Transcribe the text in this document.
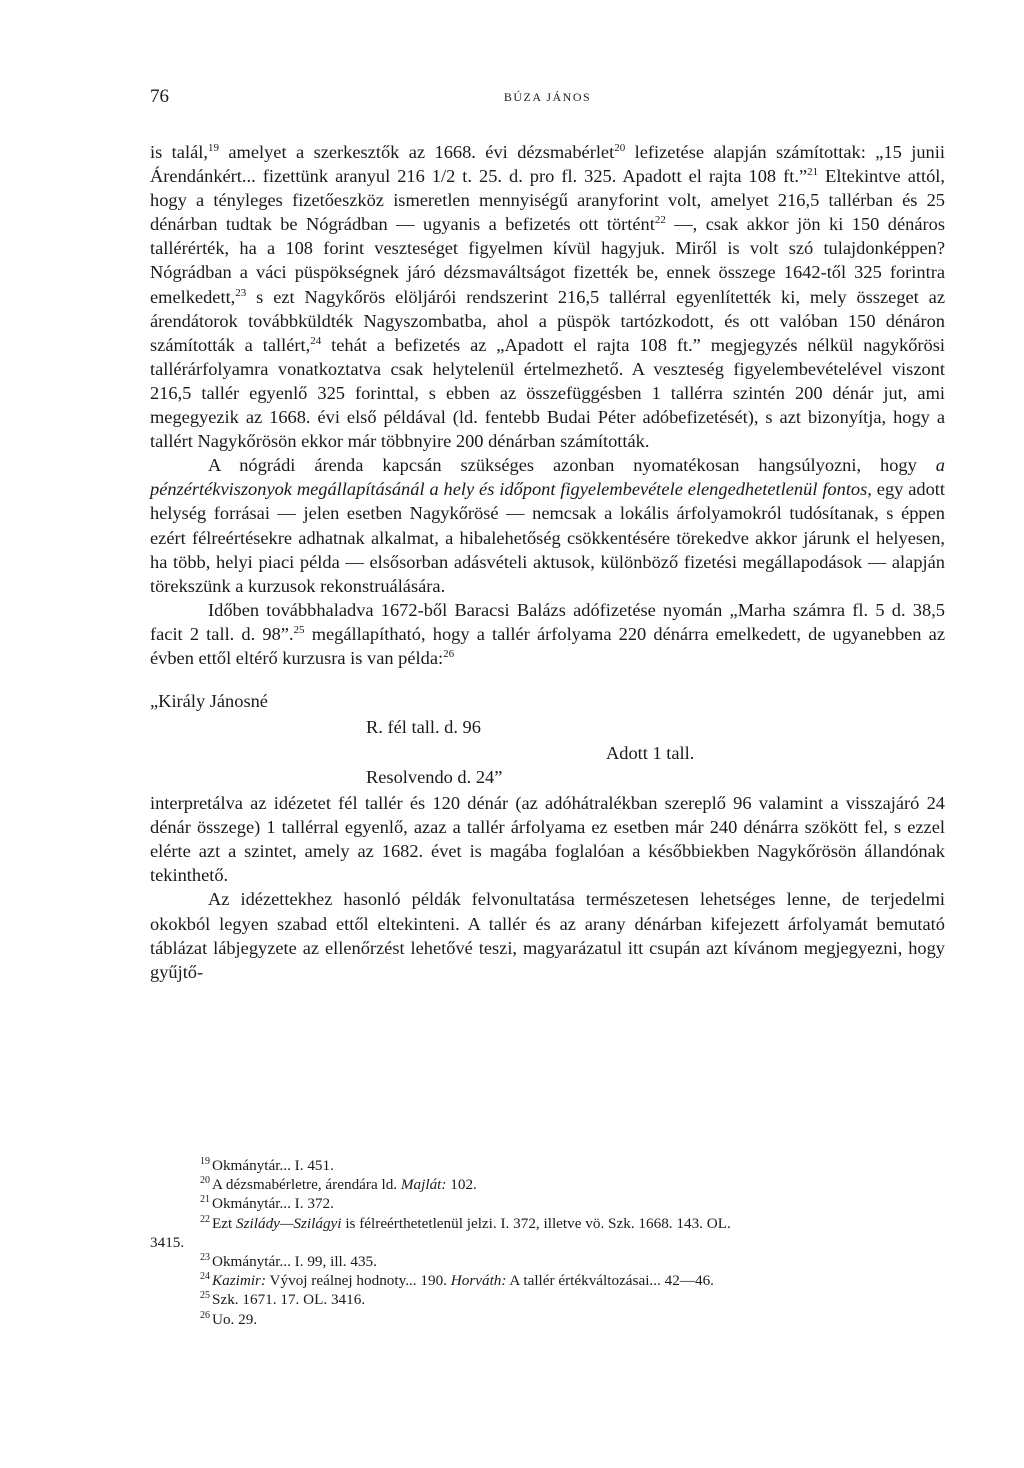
76	BÚZA JÁNOS

is talál,$^{19}$ amelyet a szerkesztők az 1668. évi dézsmabérlet$^{20}$ lefizetése alapján számítottak: „15 junii Árendánkért... fizettünk aranyul 216 1/2 t. 25. d. pro fl. 325. Apadott el rajta 108 ft.”$^{21}$ Eltekintve attól, hogy a tényleges fizetőeszköz ismeretlen mennyiségű aranyforint volt, amelyet 216,5 tallérban és 25 dénárban tudtak be Nógrádban — ugyanis a befizetés ott történt$^{22}$ —, csak akkor jön ki 150 dénáros tallérérték, ha a 108 forint veszteséget figyelmen kívül hagyjuk. Miről is volt szó tulajdonképpen? Nógrádban a váci püspökségnek járó dézsmaváltságot fizették be, ennek összege 1642-től 325 forintra emelkedett,$^{23}$ s ezt Nagykőrös elöljárói rendszerint 216,5 tallérral egyenlítették ki, mely összeget az árendátorok továbbküldték Nagyszombatba, ahol a püspök tartózkodott, és ott valóban 150 dénáron számították a tallért,$^{24}$ tehát a befizetés az „Apadott el rajta 108 ft.” megjegyzés nélkül nagykőrösi tallérárfolyamra vonatkoztatva csak helytelenül értelmezhető. A veszteség figyelembevételével viszont 216,5 tallér egyenlő 325 forinttal, s ebben az összefüggésben 1 tallérra szintén 200 dénár jut, ami megegyezik az 1668. évi első példával (ld. fentebb Budai Péter adóbefizetését), s azt bizonyítja, hogy a tallért Nagykőrösön ekkor már többnyire 200 dénárban számították.

A nógrádi árenda kapcsán szükséges azonban nyomatékosan hangsúlyozni, hogy a pénzértékviszonyok megállapításánál a hely és időpont figyelembevétele elengedhetetlenül fontos, egy adott helység forrásai — jelen esetben Nagykőrösé — nemcsak a lokális árfolyamokról tudósítanak, s éppen ezért félreértésekre adhatnak alkalmat, a hibalehetőség csökkentésére törekedve akkor járunk el helyesen, ha több, helyi piaci példa — elsősorban adásvételi aktusok, különböző fizetési megállapodások — alapján törekszünk a kurzusok rekonstruálására.

Időben továbbhaladva 1672-ből Baracsi Balázs adófizetése nyomán „Marha számra fl. 5 d. 38,5 facit 2 tall. d. 98”.$^{25}$ megállapítható, hogy a tallér árfolyama 220 dénárra emelkedett, de ugyanebben az évben ettől eltérő kurzusra is van példa:$^{26}$

„Király Jánosné
R. fél tall. d. 96
Adott 1 tall.
Resolvendo d. 24”

interpretálva az idézetet fél tallér és 120 dénár (az adóhátralékban szereplő 96 valamint a visszajáró 24 dénár összege) 1 tallérral egyenlő, azaz a tallér árfolyama ez esetben már 240 dénárra szökött fel, s ezzel elérte azt a szintet, amely az 1682. évet is magába foglalóan a későbbiekben Nagykőrösön állandónak tekinthető.

Az idézettekhez hasonló példák felvonultatása természetesen lehetséges lenne, de terjedelmi okokból legyen szabad ettől eltekinteni. A tallér és az arany dénárban kifejezett árfolyamát bemutató táblázat lábjegyzete az ellenőrzést lehetővé teszi, magyarázatul itt csupán azt kívánom megjegyezni, hogy gyűjtő-

$^{19}$ Okmánytár... I. 451.
$^{20}$ A dézsmabérletre, árendára ld. Majlát: 102.
$^{21}$ Okmánytár... I. 372.
$^{22}$ Ezt Szilády—Szilágyi is félreérthetetlenül jelzi. I. 372, illetve vö. Szk. 1668. 143. OL.
3415.
$^{23}$ Okmánytár... I. 99, ill. 435.
$^{24}$ Kazimir: Vývoj reálnej hodnoty... 190. Horváth: A tallér értékváltozásai... 42—46.
$^{25}$ Szk. 1671. 17. OL. 3416.
$^{26}$ Uo. 29.
